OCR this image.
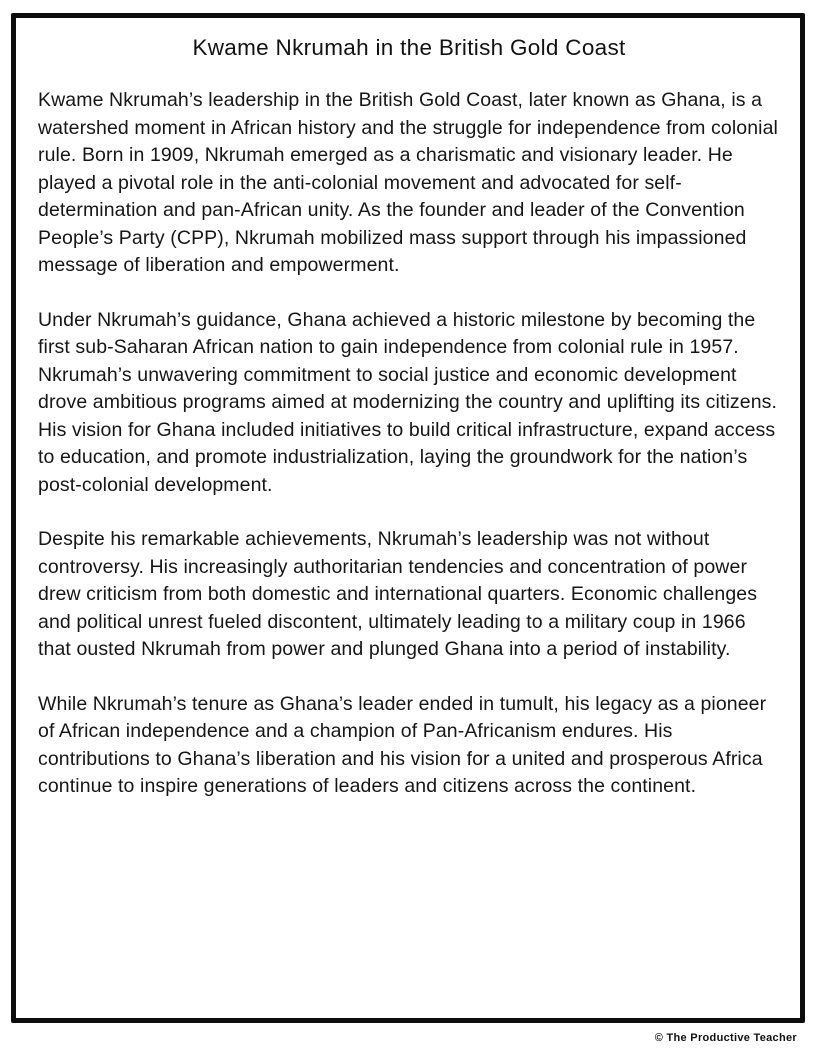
Kwame Nkrumah in the British Gold Coast

Kwame Nkrumah’s leadership in the British Gold Coast, later known as Ghana, is a watershed moment in African history and the struggle for independence from colonial rule. Born in 1909, Nkrumah emerged as a charismatic and visionary leader. He played a pivotal role in the anti-colonial movement and advocated for self-determination and pan-African unity. As the founder and leader of the Convention People’s Party (CPP), Nkrumah mobilized mass support through his impassioned message of liberation and empowerment.

Under Nkrumah’s guidance, Ghana achieved a historic milestone by becoming the first sub-Saharan African nation to gain independence from colonial rule in 1957. Nkrumah’s unwavering commitment to social justice and economic development drove ambitious programs aimed at modernizing the country and uplifting its citizens. His vision for Ghana included initiatives to build critical infrastructure, expand access to education, and promote industrialization, laying the groundwork for the nation’s post-colonial development.

Despite his remarkable achievements, Nkrumah’s leadership was not without controversy. His increasingly authoritarian tendencies and concentration of power drew criticism from both domestic and international quarters. Economic challenges and political unrest fueled discontent, ultimately leading to a military coup in 1966 that ousted Nkrumah from power and plunged Ghana into a period of instability.

While Nkrumah’s tenure as Ghana’s leader ended in tumult, his legacy as a pioneer of African independence and a champion of Pan-Africanism endures. His contributions to Ghana’s liberation and his vision for a united and prosperous Africa continue to inspire generations of leaders and citizens across the continent.

© The Productive Teacher
